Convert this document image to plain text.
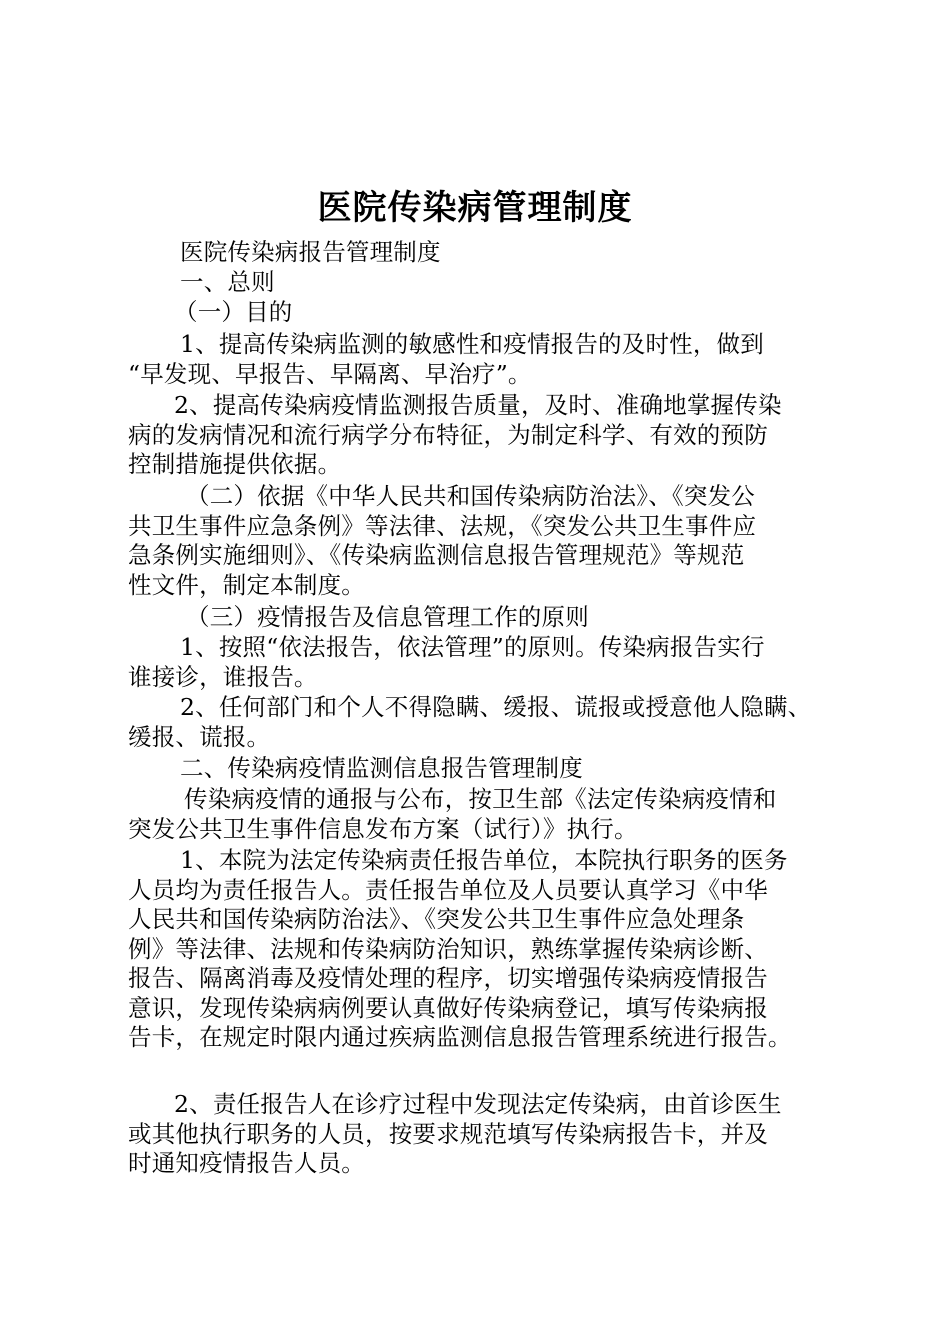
医院传染病管理制度
医院传染病报告管理制度
一、总则
（一）目的
1、提高传染病监测的敏感性和疫情报告的及时性，做到
“早发现、早报告、早隔离、早治疗”。
2、提高传染病疫情监测报告质量，及时、准确地掌握传染
病的发病情况和流行病学分布特征，为制定科学、有效的预防
控制措施提供依据。
（二）依据《中华人民共和国传染病防治法》、《突发公
共卫生事件应急条例》等法律、法规，《突发公共卫生事件应
急条例实施细则》、《传染病监测信息报告管理规范》等规范
性文件，制定本制度。
（三）疫情报告及信息管理工作的原则
1、按照“依法报告，依法管理”的原则。传染病报告实行
谁接诊，谁报告。
2、任何部门和个人不得隐瞒、缓报、谎报或授意他人隐瞒、
缓报、谎报。
二、传染病疫情监测信息报告管理制度
传染病疫情的通报与公布，按卫生部《法定传染病疫情和
突发公共卫生事件信息发布方案（试行）》执行。
1、本院为法定传染病责任报告单位，本院执行职务的医务
人员均为责任报告人。责任报告单位及人员要认真学习《中华
人民共和国传染病防治法》、《突发公共卫生事件应急处理条
例》等法律、法规和传染病防治知识，熟练掌握传染病诊断、
报告、隔离消毒及疫情处理的程序，切实增强传染病疫情报告
意识，发现传染病病例要认真做好传染病登记，填写传染病报
告卡，在规定时限内通过疾病监测信息报告管理系统进行报告。
2、责任报告人在诊疗过程中发现法定传染病，由首诊医生
或其他执行职务的人员，按要求规范填写传染病报告卡，并及
时通知疫情报告人员。
